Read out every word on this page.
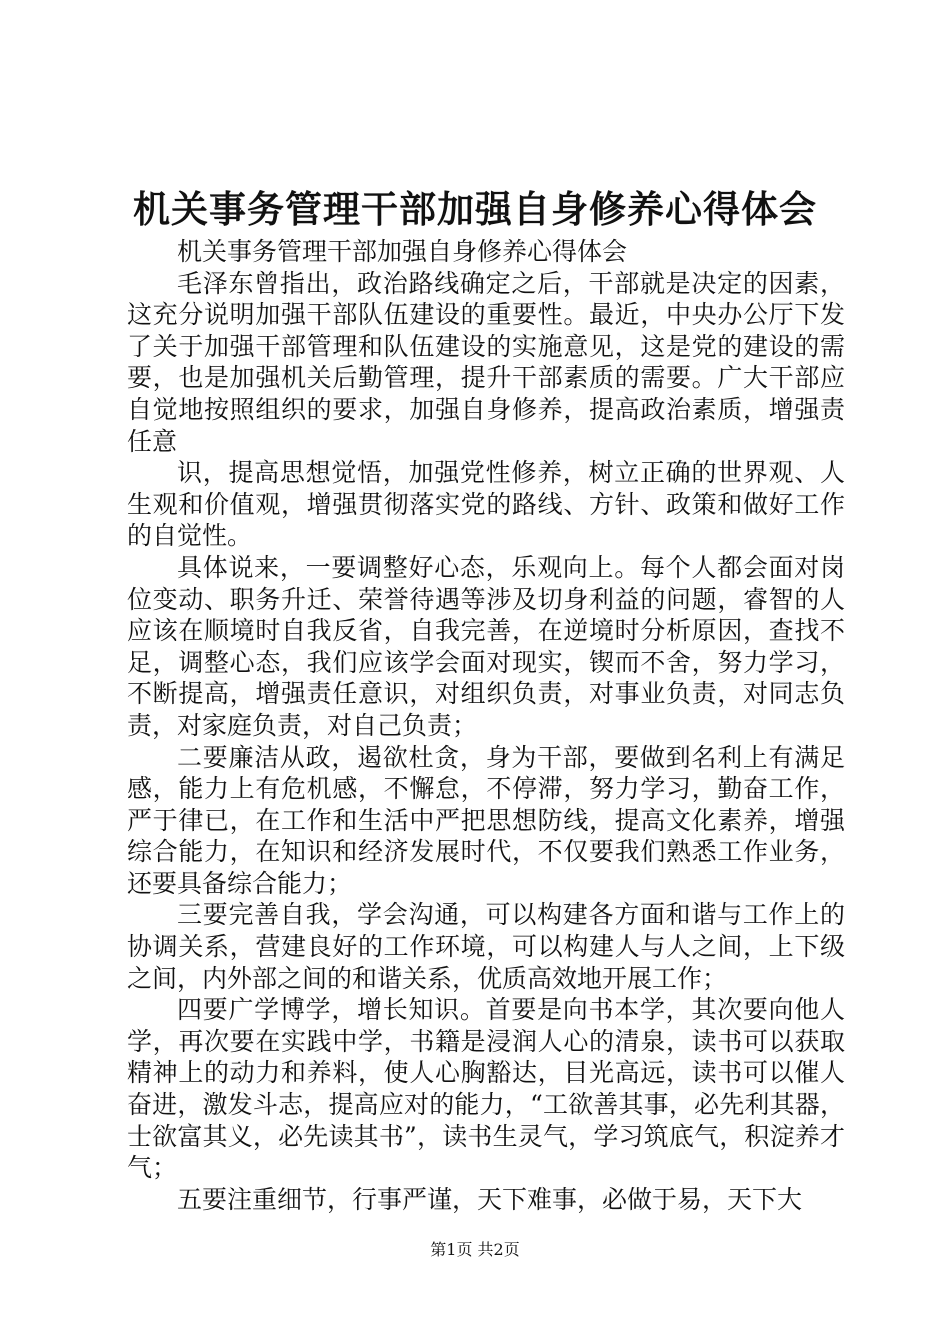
机关事务管理干部加强自身修养心得体会

机关事务管理干部加强自身修养心得体会

毛泽东曾指出，政治路线确定之后，干部就是决定的因素，这充分说明加强干部队伍建设的重要性。最近，中央办公厅下发了关于加强干部管理和队伍建设的实施意见，这是党的建设的需要，也是加强机关后勤管理，提升干部素质的需要。广大干部应自觉地按照组织的要求，加强自身修养，提高政治素质，增强责任意

识，提高思想觉悟，加强党性修养，树立正确的世界观、人生观和价值观，增强贯彻落实党的路线、方针、政策和做好工作的自觉性。

具体说来，一要调整好心态，乐观向上。每个人都会面对岗位变动、职务升迁、荣誉待遇等涉及切身利益的问题，睿智的人应该在顺境时自我反省，自我完善，在逆境时分析原因，查找不足，调整心态，我们应该学会面对现实，锲而不舍，努力学习，不断提高，增强责任意识，对组织负责，对事业负责，对同志负责，对家庭负责，对自己负责；

二要廉洁从政，遏欲杜贪，身为干部，要做到名利上有满足感，能力上有危机感，不懈怠，不停滞，努力学习，勤奋工作，严于律已，在工作和生活中严把思想防线，提高文化素养，增强综合能力，在知识和经济发展时代，不仅要我们熟悉工作业务，还要具备综合能力；

三要完善自我，学会沟通，可以构建各方面和谐与工作上的协调关系，营建良好的工作环境，可以构建人与人之间，上下级之间，内外部之间的和谐关系，优质高效地开展工作；

四要广学博学，增长知识。首要是向书本学，其次要向他人学，再次要在实践中学，书籍是浸润人心的清泉，读书可以获取精神上的动力和养料，使人心胸豁达，目光高远，读书可以催人奋进，激发斗志，提高应对的能力，“工欲善其事，必先利其器，士欲富其义，必先读其书”，读书生灵气，学习筑底气，积淀养才气；

五要注重细节，行事严谨，天下难事，必做于易，天下大

第1页 共2页
